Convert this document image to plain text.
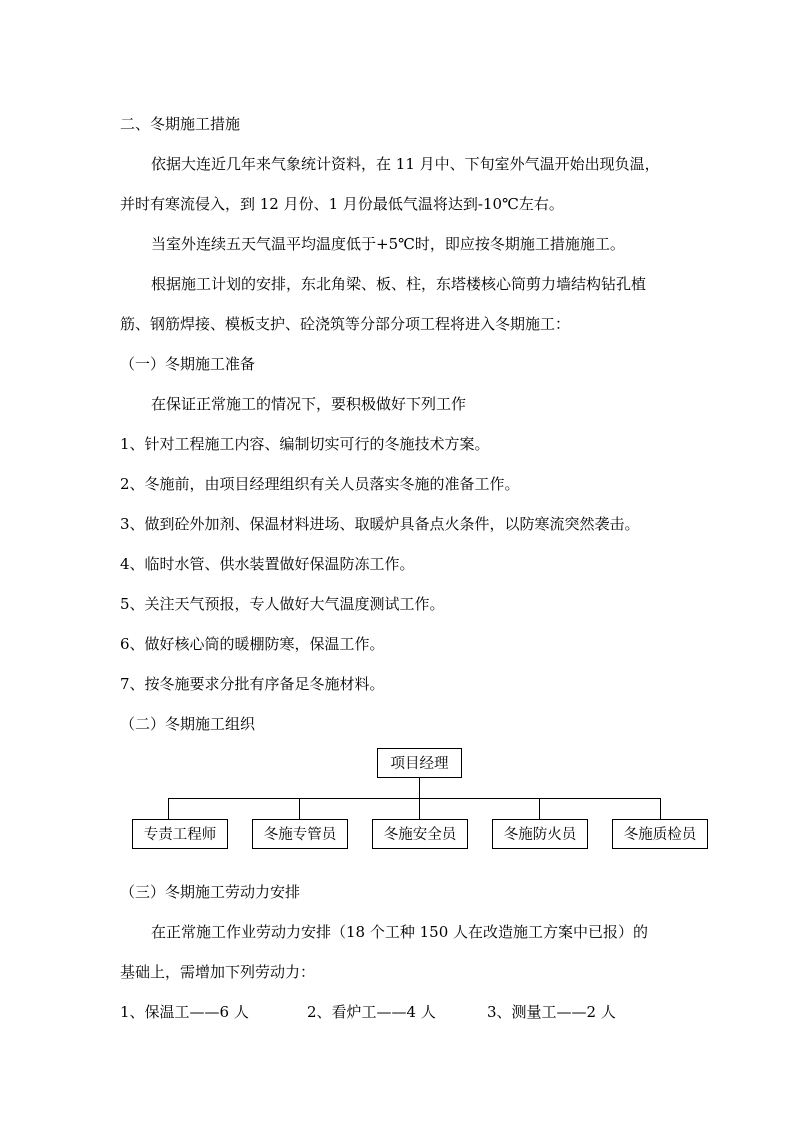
二、冬期施工措施
依据大连近几年来气象统计资料，在 11 月中、下旬室外气温开始出现负温，
并时有寒流侵入，到 12 月份、1 月份最低气温将达到-10℃左右。
当室外连续五天气温平均温度低于+5℃时，即应按冬期施工措施施工。
根据施工计划的安排，东北角梁、板、柱，东塔楼核心筒剪力墙结构钻孔植
筋、钢筋焊接、模板支护、砼浇筑等分部分项工程将进入冬期施工：
（一）冬期施工准备
在保证正常施工的情况下，要积极做好下列工作
1、针对工程施工内容、编制切实可行的冬施技术方案。
2、冬施前，由项目经理组织有关人员落实冬施的准备工作。
3、做到砼外加剂、保温材料进场、取暖炉具备点火条件，以防寒流突然袭击。
4、临时水管、供水装置做好保温防冻工作。
5、关注天气预报，专人做好大气温度测试工作。
6、做好核心筒的暖棚防寒，保温工作。
7、按冬施要求分批有序备足冬施材料。
（二）冬期施工组织
项目经理
专责工程师	冬施专管员	冬施安全员	冬施防火员	冬施质检员
（三）冬期施工劳动力安排
在正常施工作业劳动力安排（18 个工种 150 人在改造施工方案中已报）的
基础上，需增加下列劳动力：
1、保温工——6 人	2、看炉工——4 人	3、测量工——2 人
